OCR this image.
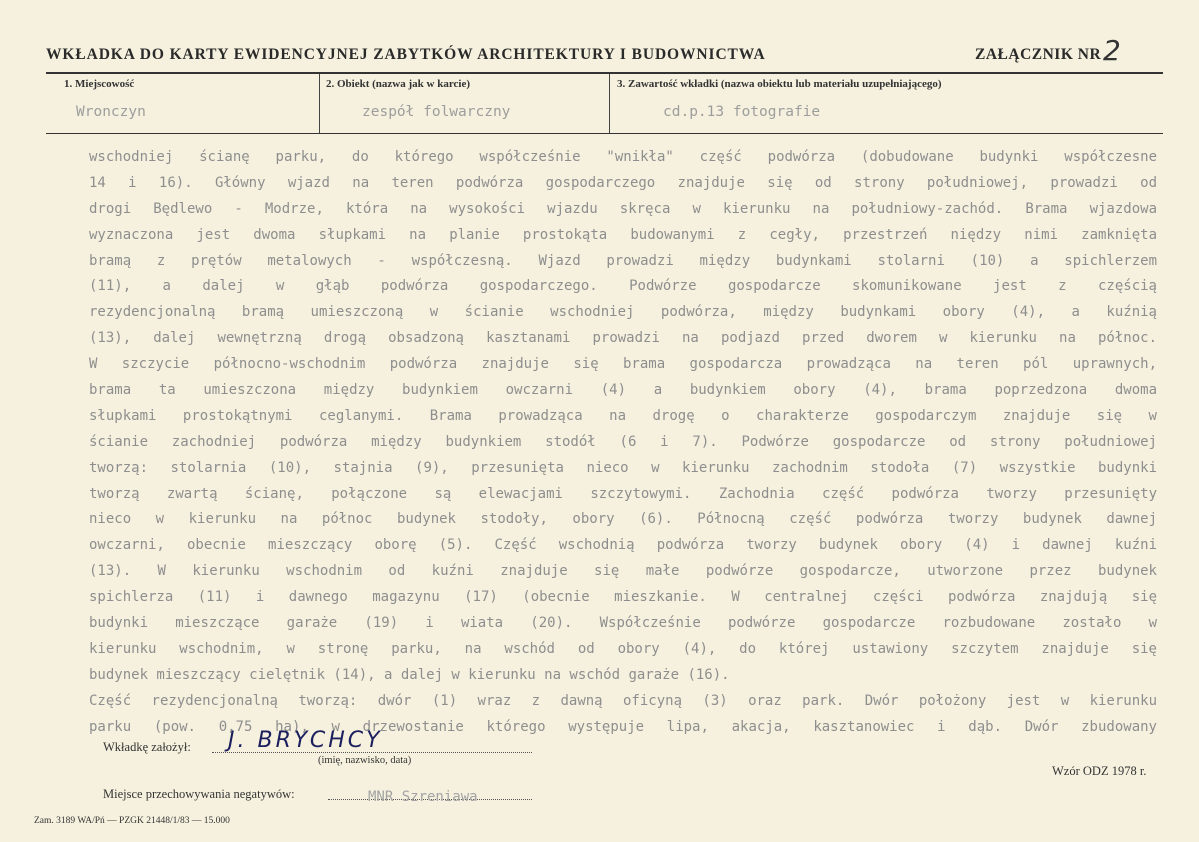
WKŁADKA DO KARTY EWIDENCYJNEJ ZABYTKÓW ARCHITEKTURY I BUDOWNICTWA	ZAŁĄCZNIK NR 2
1. Miejscowość
Wronczyn
2. Obiekt (nazwa jak w karcie)
zespół folwarczny
3. Zawartość wkładki (nazwa obiektu lub materiału uzupełniającego)
cd.p.13 fotografie
wschodniej ścianę parku, do którego współcześnie "wnikła" część podwórza (dobudowane budynki współczesne
14 i 16). Główny wjazd na teren podwórza gospodarczego znajduje się od strony południowej, prowadzi od
drogi Będlewo - Modrze, która na wysokości wjazdu skręca w kierunku na południowy-zachód. Brama wjazdowa
wyznaczona jest dwoma słupkami na planie prostokąta budowanymi z cegły, przestrzeń niędzy nimi zamknięta
bramą z prętów metalowych - współczesną. Wjazd prowadzi między budynkami stolarni (10) a spichlerzem
(11), a dalej w głąb podwórza gospodarczego. Podwórze gospodarcze skomunikowane jest z częścią
rezydencjonalną bramą umieszczoną w ścianie wschodniej podwórza, między budynkami obory (4), a kuźnią
(13), dalej wewnętrzną drogą obsadzoną kasztanami prowadzi na podjazd przed dworem w kierunku na północ.
W szczycie północno-wschodnim podwórza znajduje się brama gospodarcza prowadząca na teren pól uprawnych,
brama ta umieszczona między budynkiem owczarni (4) a budynkiem obory (4), brama poprzedzona dwoma
słupkami prostokątnymi ceglanymi. Brama prowadząca na drogę o charakterze gospodarczym znajduje się w
ścianie zachodniej podwórza między budynkiem stodół (6 i 7). Podwórze gospodarcze od strony południowej
tworzą: stolarnia (10), stajnia (9), przesunięta nieco w kierunku zachodnim stodoła (7) wszystkie budynki
tworzą zwartą ścianę, połączone są elewacjami szczytowymi. Zachodnia część podwórza tworzy przesunięty
nieco w kierunku na północ budynek stodoły, obory (6). Północną część podwórza tworzy budynek dawnej
owczarni, obecnie mieszczący oborę (5). Część wschodnią podwórza tworzy budynek obory (4) i dawnej kuźni
(13). W kierunku wschodnim od kuźni znajduje się małe podwórze gospodarcze, utworzone przez budynek
spichlerza (11) i dawnego magazynu (17) (obecnie mieszkanie. W centralnej części podwórza znajdują się
budynki mieszczące garaże (19) i wiata (20). Współcześnie podwórze gospodarcze rozbudowane zostało w
kierunku wschodnim, w stronę parku, na wschód od obory (4), do której ustawiony szczytem znajduje się
budynek mieszczący cielętnik (14), a dalej w kierunku na wschód garaże (16).
Część rezydencjonalną tworzą: dwór (1) wraz z dawną oficyną (3) oraz park. Dwór położony jest w kierunku
parku (pow. 0,75 ha), w drzewostanie którego występuje lipa, akacja, kasztanowiec i dąb. Dwór zbudowany
Wkładkę założył: J. BRYCHCY
(imię, nazwisko, data)
Wzór ODZ 1978 r.
Miejsce przechowywania negatywów:	MNR Szreniawa
Zam. 3189 WA/Pń — PZGK 21448/1/83 — 15.000
